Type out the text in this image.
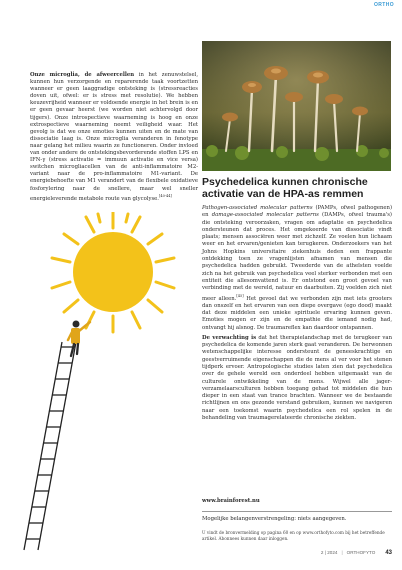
ORTHO
Onze microglia, de afweercellen in het zenuwstelsel, kunnen hun verzorgende en reparerende taak voortzetten wanneer er geen laaggradige ontsteking is (stressreacties doven uit, ofwel: er is stress met resolutie). We hebben keuzevrijheid wanneer er voldoende energie in het brein is en er geen gevaar heerst (we worden niet achtervolgd door tijgers). Onze introspectieve waarneming is hoog en onze extrospectieve waarneming neemt veiligheid waar. Het gevolg is dat we onze emoties kunnen uiten en de mate van dissociatie laag is. Onze microglia veranderen in fenotype naar gelang het milieu waarin ze functioneren. Onder invloed van onder andere de ontstekingsbevorderende stoffen LPS en IFN-γ (stress activatie = immuun activatie en vice versa) switchen microgliacellen van de anti-inflammatoire M2-variant naar de pro-inflammatoire M1-variant. De energiebehoefte van M1 verandert van de flexibele oxidatieve fosforylering naar de snellere, maar wel sneller energieleverende metabole route van glycolyse.[40-44]
Psychedelica kunnen chronische activatie van de HPA-as remmen

Pathogen-associated molecular patterns (PAMPs, ofwel pathogenen) en damage-associated molecular patterns (DAMPs, ofwel trauma's) die ontsteking veroorzaken, vragen om adaptatie en psychedelica ondersteunen dat proces. Het omgekeerde van dissociatie vindt plaats; mensen associëren weer met zichzelf. Ze voelen hun lichaam weer en het ervaren/genieten kan terugkeren. Onderzoekers van het Johns Hopkins universitaire ziekenhuis deden een frappante ontdekking toen ze vragenlijsten afnamen van mensen die psychedelica hadden gebruikt. Tweederde van de atheïsten voelde zich na het gebruik van psychedelica veel sterker verbonden met een entiteit die allesomvattend is. Er ontstond een groot gevoel van verbinding met de wereld, natuur en daarbuiten. Zij voelden zich niet meer alleen.[45] Het gevoel dat we verbonden zijn met iets grooters dan onszelf en het ervaren van een diepe overgave (ego dood) maakt dat deze middelen een unieke spirituele ervaring kunnen geven. Emoties mogen er zijn en de empathie die iemand nodig had, ontvangt hij alsnog. De traumareflex kan daardoor ontspannen.

De verwachting is dat het therapielandschap met de terugkeer van psychedelica de komende jaren sterk gaat veranderen. De herwonnen wetenschappelijke interesse ondersteunt de geneeskrachtige en geestverruimende eigenschappen die de mens al ver voor het stenen tijdperk ervoer. Antropologische studies laten zien dat psychedelica over de gehele wereld een onderdeel hebben uitgemaakt van de culturele ontwikkeling van de mens. Wijwel alle jager-verzamelaarsculturen hebben toegang gehad tot middelen die hun dieper in een staat van trance brachten. Wanneer we de bestaande richtlijnen en ons gezonde verstand gebruiken, kunnen we navigeren naar een toekomst waarin psychedelica een rol spelen in de behandeling van traumagerelateerde chronische ziekten.

www.brainforest.nu
Mogelijke belangenverstrengeling: niets aangegeven.
U vindt de bronvermelding op pagina 60 en op www.orthofyto.com bij het betreffende artikel. Abonnees kunnen daar inloggen.
2 | 2024 | ORTHOFYTO 43
